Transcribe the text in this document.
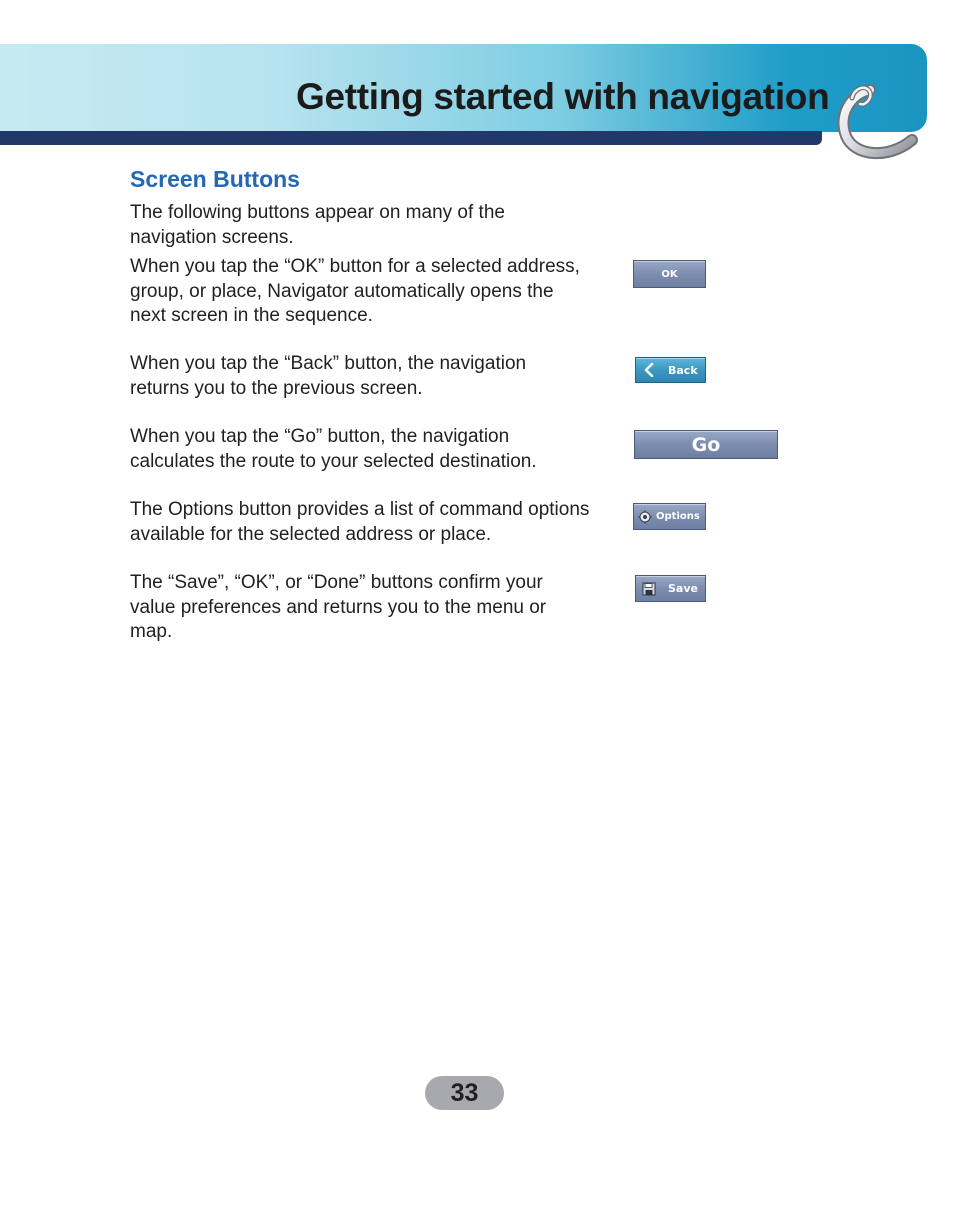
Getting started with navigation
Screen Buttons

The following buttons appear on many of the navigation screens.

When you tap the “OK” button for a selected address, group, or place, Navigator automatically opens the next screen in the sequence.

When you tap the “Back” button, the navigation returns you to the previous screen.

When you tap the “Go” button, the navigation calculates the route to your selected destination.

The Options button provides a list of command options available for the selected address or place.

The “Save”, “OK”, or “Done” buttons confirm your value preferences and returns you to the menu or map.

OK
Back
Go
Options
Save
33
